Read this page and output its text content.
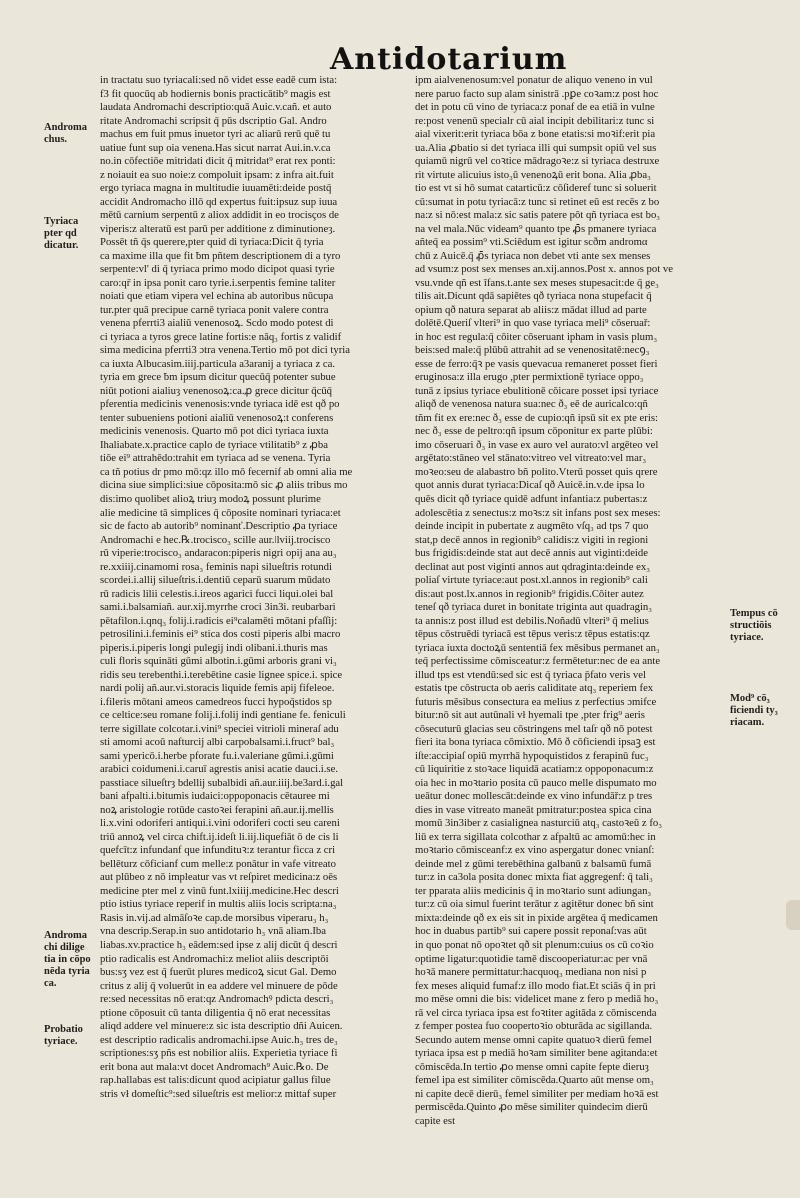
Antidotarium
in tractatu suo tyriacali:sed nō videt esse eadē cum ista:
f3 fit quocūq ab hodiernis bonis practicātib⁹ magis est
laudata Andromachi descriptio:quā Auic.v.cañ. et auto
ritate Andromachi scripsit q̄ pūs dscriptio Gal. Andro
machus em fuit pmus inuetor tyri ac aliarū rerū quē tu
uatiue funt sup oia venena.Has sicut narrat Aui.in.v.ca
no.in cōfectiōe mitridati dicit q̄ mitridat⁹ erat rex ponti:
z noiauit ea suo noie:z compoluit ipsam: z infra ait.fuit
ergo tyriaca magna in multitudie iuuamēti:deide postq̄
accidit Andromacho illō qd expertus fuit:ipsuz sup iuua
mētū carnium serpentū z aliox addidit in eo trocisços de
viperis:z alteratū est parū per additione z diminutioneȝ.
Possēt tñ q̄s querere,pter quid di tyriaca:Dicit q̄ tyria
ca maxime illa que fit ƀm pñtem descriptionem di a tyro
serpente:vl' di q̄ tyriaca primo modo dicipot quasi tyrie
caro:qr̄ in ipsa ponit caro tyrie.i.serpentis femine taliter
noiati que etiam vipera vel echina ab autoribus nūcupa
tur.pter quā precipue carnē tyriaca ponit valere contra
venena pferrti3 aialiū venenosoꝝ. Scdo modo potest di
ci tyriaca a tyros grece latine fortis:e nāq₃ fortis z validif
sima medicina pferrti3 ɔtra venena.Tertio mō pot dici tyria
ca iuxta Albucasim.iiij.particula a3aranij a tyriaca z ca.
tyria em grece ƀm ipsum dicitur quecūq̄ potenter subue
niūt potioni aialiuȝ venenosoꝝ:ca.ꝓ grece dicitur q̄cūq̄
pferentia medicinis venenosis:vnde tyriaca idē est qð po
tenter subueniens potioni aialiū venenosoꝝ:t conferens
medicinis venenosis. Quarto mō pot dici tyriaca iuxta
Ihaliabate.x.practice caplo de tyriace vtilitatib⁹ z ꝓba
tiōe ei⁹ attrahēdo:trahit em tyriaca ad se venena. Tyria
ca tñ potius dr pmo mō:qz illo mō fecernif ab omni alia me
dicina siue simplici:siue cōposita:mō sic ꝓ aliis tribus mo
dis:imo quolibet alioꝝ triuȝ modoꝝ possunt plurime
alie medicine tā simplices q̄ cōposite nominari tyriaca:et
sic de facto ab autorib⁹ nominanť.Descriptio ꝓa tyriace
Andromachi e hec.℞.trocisco₃ scille aur.ǀlviij.trocisco
rū viperie:trocisco₃ andaracon:piperis nigri opij ana au₃
re.xxiiij.cinamomi rosa₃ feminis napi silueſtris rotundi
scordei.i.allij silueſtris.i.dentiū ceparū suarum mūdato
rū radicis lilii celestis.i.ireos agarici fucci liqui.olei bal
sami.i.balsamiañ. aur.xij.myrrhe croci 3in3i. reubarbari
pētafilon.i.qnq₃ folij.i.radicis ei⁹calamēti mōtani pfaſſij:
petrosilini.i.feminis ei⁹ stica dos costi piperis albi macro
piperis.i.piperis longi pulegij indi olibani.i.thuris mas
culi floris squināti gūmi albotin.i.gūmi arboris grani vi₃
ridis seu terebenthi.i.terebētine casie lignee spice.i. spice
nardi polij añ.aur.vi.storacis liquide femis apij fifeleoe.
i.fileris mōtani ameos camedreos fucci hypoq̄stidos sp
ce celtice:seu romane folij.i.folij indi gentiane fe. feniculi
terre sigillate colcotar.i.vini⁹ speciei vitrioli mineraſ adu
sti amomi acoū nafturcij albi carpobalsami.i.fruct⁹ bal₃
sami ypericō.i.herbe pforate fu.i.valeriane gūmi.i.gūmi
arabici coidumeni.i.caruī agrestis anisi acatie dauci.i.se.
passtiace silueſtrȝ bdellij subalbidi añ.aur.iiij.be3ard.i.gal
bani afpalti.i.bitumis iudaici:oppoponacis cētauree mi
noꝝ aristologie rotūde castoꝛei ferapini añ.aur.ij.mellis
li.x.vini odoriferi antiqui.i.vini odoriferi cocti seu careni
triū annoꝝ vel circa chift.ij.ideſt li.iij.liquefiāt ō de cis li
quefcīt:z infundanf que infundituꝛ:z terantur ficca z cri
bellēturz cōficianf cum melle:z ponātur in vafe vitreato
aut plūbeo z nō impleatur vas vt reſpiret medicina:z oēs
medicine pter mel z vinū funt.lxiiij.medicine.Hec descri
ptio istius tyriace reperif in multis aliis locis scripta:na₃
Rasis in.vij.ad almāſoꝛe cap.de morsibus viperaru₃ h₃
vna descrip.Serap.in suo antidotario h₃ vnā aliam.Iba
liabas.xv.practice h₃ eādem:sed ipse z alij dicūt q̄ descri
ptio radicalis est Andromachi:z meliot aliis descriptōi
bus:sʒ vez est q̄ fuerūt plures medicoꝝ sicut Gal. Demo
critus z alij q̄ voluerūt in ea addere vel minuere de pōde
re:sed necessitas nō erat:qz Andromachꝰ pdicta descri₃
ptione cōposuit cū tanta diligentia q̄ nō erat necessitas
aliqd addere vel minuere:z sic ista descriptio dñi Auicen.
est descriptio radicalis andromachi.ipse Auic.h₃ tres de₃
scriptiones:sʒ pñs est nobilior aliis. Experietia tyriace fi
erit bona aut mala:vt docet Andromach⁹ Auic.℞o. De
rap.hallabas est talis:dicunt quod acipiatur gallus filue
stris vł domeſtic⁹:sed silueſtris est melior:z mittaf super
ipm aialvenenosum:vel ponatur de aliquo veneno in vul
nere paruo facto sup alam sinistrā .pꝑe coꝛam:z post hoc
det in potu cū vino de tyriaca:z ponaf de ea etiā in vulne
re:post venenū specialr cū aial incipit debilitari:z tunc si
aial vixerit:erit tyriaca bōa z bone etatis:si moꝛif:erit pia
ua.Alia ꝓbatio si det tyriaca illi qui sumpsit opiū vel sus
quiamū nigrū vel coꝛtice mādragoꝛe:z si tyriaca destruxe
rit virtute alicuius isto₃ū venenoꝝū erit bona. Alia ꝓba₃
tio est vt si hō sumat catarticū:z cōſideref tunc si soluerit
cū:sumat in potu tyriacā:z tunc si retinet eū est recēs z bo
na:z si nō:est mala:z sic satis patere pōt qñ tyriaca est bo₃
na vel mala.Nūc videam⁹ quanto tpe ꝓ̄s pmanere tyriaca
añteq̄ ea possim⁹ vti.Sciēdum est igitur scðm andromα
chū z Auicē.q̄ ꝓ̄s tyriaca non debet vti ante sex menses
ad vsum:z post sex menses an.xij.annos.Post x. annos pot ve
vsu.vnde qñ est īfans.t.ante sex meses stupesacit:de q̄ ge₃
tilis ait.Dicunt qdā sapiētes qð tyriaca nona stupefacit q̄
opium qð natura separat ab aliis:z mādat illud ad parte
dolētē.Queriſ vlteri⁹ in quo vase tyriaca meli⁹ cōseruař:
in hoc est regula:q̄ cōiter cōseruant ipham in vasis plum₃
beis:sed male:q̄ plūbū attrahit ad se venenositatē:necꝯ₃
esse de ferro:q̄ꝛ pe vasis quevacua remaneret posset fieri
eruginosa:z illa erugo ,pter permixtionē tyriace oppo₃
tunā z ipsius tyriace ebulitionē cōicare posset ipsi tyriace
aliqð de venenosa natura sua:nec ð₃ eē de auricalco:qñ
tñm fit ex ere:nec ð₃ esse de cupio:qñ ipsū sit ex pte eris:
nec ð₃ esse de peltro:qñ ipsum cōponitur ex parte plūbi:
imo cōseruari ð₃ in vase ex auro vel aurato:vl argēteo vel
argētato:stāneo vel stānato:vitreo vel vitreato:vel mar₃
moꝛeo:seu de alabastro bñ polito.Vterū posset quis qrere
quot annis durat tyriaca:Dicaſ qð Auicē.in.v.de ipsa lo
quēs dicit qð tyriace quidē adfunt infantia:z pubertas:z
adolescētia z senectus:z moꝛs:z sit infans post sex meses:
deinde incipit in pubertate z augmēto vſq₃ ad tps 7 quo
stat,p decē annos in regionib⁹ calidis:z vigiti in regioni
bus frigidis:deinde stat aut decē annis aut viginti:deide
declinat aut post viginti annos aut qdraginta:deinde ex₃
poliaſ virtute tyriace:aut post.xl.annos in regionib⁹ cali
dis:aut post.lx.annos in regionib⁹ frigidis.Cōiter autez
teneſ qð tyriaca duret in bonitate triginta aut quadragin₃
ta annis:z post illud est debilis.Noñadū vlteri⁹ q̄ melius
tēpus cōstruēdi tyriacā est tēpus veris:z tēpus estatis:qz
tyriaca iuxta doctoꝝū sententiā fex mēsibus permanet an₃
teq̄ perfectissime cōmisceatur:z fermētetur:nec de ea ante
illud tps est vtendū:sed sic est q̄ tyriaca p̄fato veris vel
estatis tpe cōstructa ob aeris caliditate atq₃ reperiem fex
futuris mēsibus consectura ea melius z perfectius ɔmifce
bitur:nō sit aut autūnali vł hyemali tpe ,pter frig⁹ aeris
cōsecuturū glacias seu cōstringens mel taſr qð nō potest
fieri ita bona tyriaca cōmixtio. Mō ð cōficiendi ipsaꝫ est
iſte:accipiaſ opiū myrrhā hypoquistidos z ferapinū fuc₃
cū liquiritie z stoꝛace liquidā acatiam:z oppoponacum:z
oia hec in moꝛtario posita cū pauco melle dispumato mo
ueātur donec mollescāt:deinde ex vino infundāř:z p tres
dies in vase vitreato maneāt pmitratur:postea spica cina
momū 3in3iber z casialignea nasturciū atq₃ castoꝛeū z fo₃
liū ex terra sigillata colcothar z afpaltū ac amomū:hec in
moꝛtario cōmisceanf:z ex vino aspergatur donec vnianſ:
deinde mel z gūmi terebēthina galbanū z balsamū fumā
tur:z in ca3ola posita donec mixta fiat aggregenf: q̄ tali₃
ter pparata aliis medicinis q̄ in moꝛtario sunt adiungan₃
tur:z cū oia simul fuerint terātur z agitētur donec bñ sint
mixta:deinde qð ex eis sit in pixide argētea q̄ medicamen
hoc in duabus partib⁹ sui capere possit reponaſ:vas aūt
in quo ponat nō opoꝛtet qð sit plenum:cuius os cū coꝛio
optime ligatur:quotidie tamē discooperiatur:ac per vnā
hoꝛā manere permittatur:hacquoq₃ mediana non nisi p
fex meses aliquid fumaf:z illo modo fiat.Et sciās q̄ in pri
mo mēse omni die bis: videlicet mane z fero p mediā ho₃
rā vel circa tyriaca ipsa est foꝛtiter agitāda z cōmiscenda
z femper postea fuo coopertoꝛio obturāda ac sigillanda.
Secundo autem mense omni capite quatuoꝛ dierū femel
tyriaca ipsa est p mediā hoꝛam similiter bene agitanda:et
cōmiscēda.In tertio ꝓo mense omni capite fepte dieruȝ
femel ipa est similiter cōmiscēda.Quarto aūt mense om₃
ni capite decē dierū₃ femel similiter per mediam hoꝛā est
permiscēda.Quinto ꝓo mēse similiter quindecim dierū
capite est
Androma
chus.
Tyriaca
pter qd
dicatur.
Androma
chi dilige
tia in cōpo
nēda tyria
ca.
Probatio
tyriace.
Tempus cō
structiōis
tyriace.
Mod⁹ cō₃
ficiendi ty₃
riacam.
